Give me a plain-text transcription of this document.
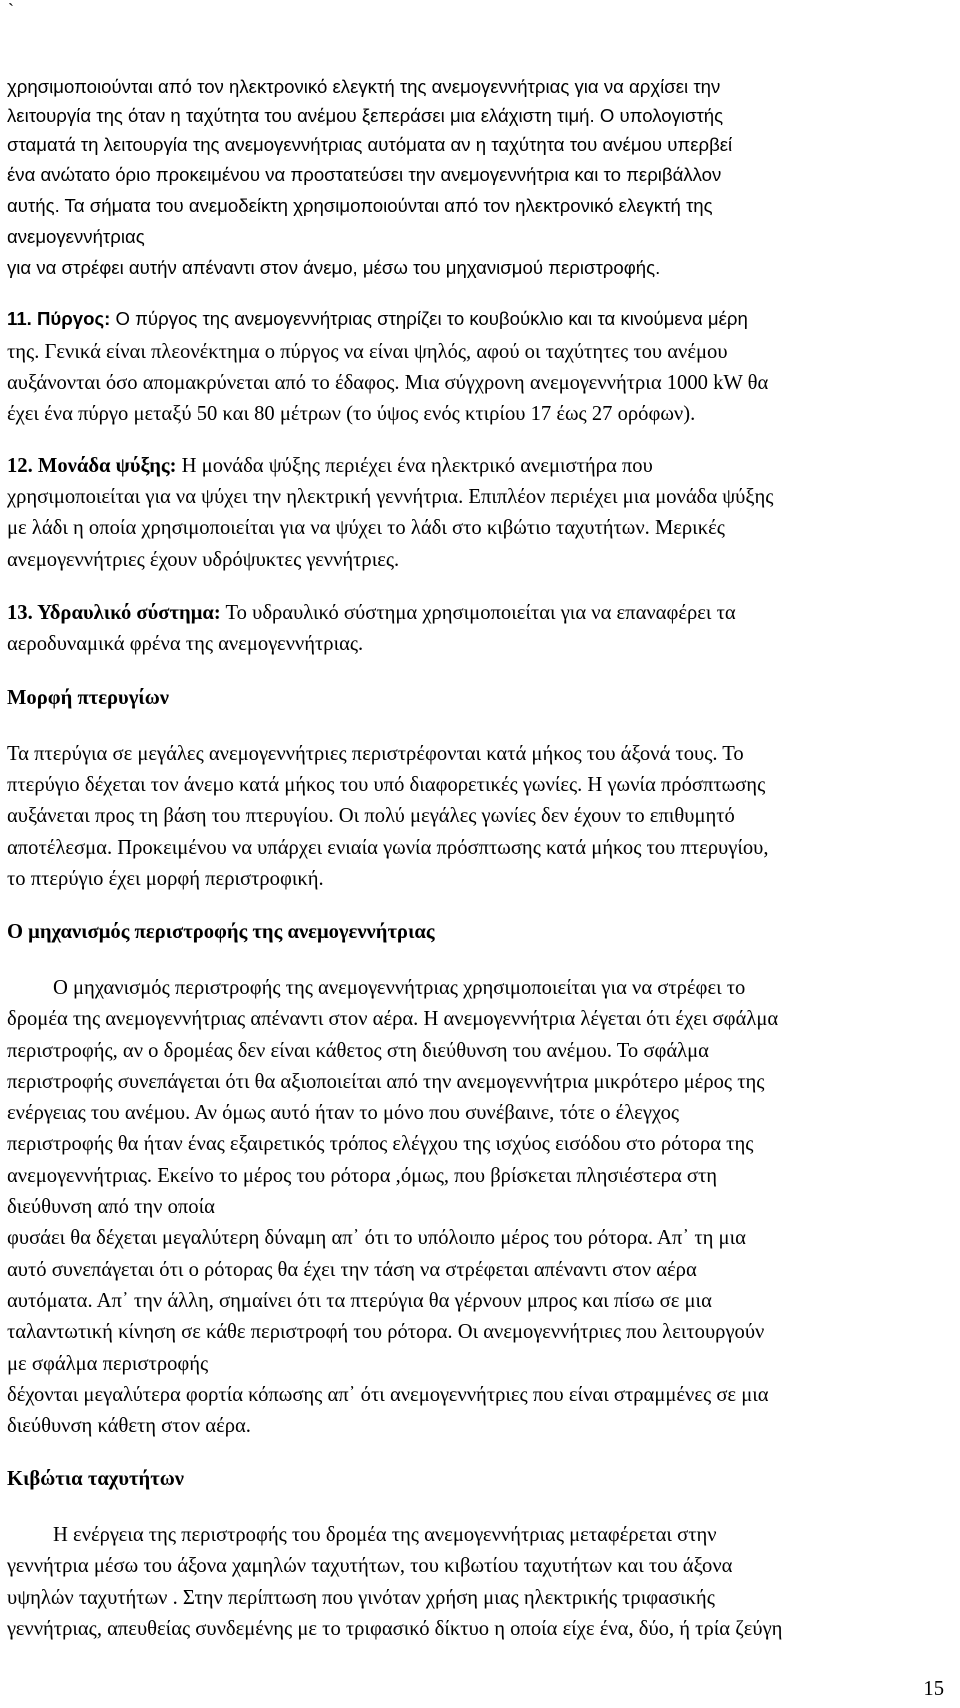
`
χρησιμοποιούνται από τον ηλεκτρονικό ελεγκτή της ανεμογεννήτριας για να αρχίσει την
λειτουργία της όταν η ταχύτητα του ανέμου ξεπεράσει μια ελάχιστη τιμή. Ο υπολογιστής
σταματά τη λειτουργία της ανεμογεννήτριας αυτόματα αν η ταχύτητα του ανέμου υπερβεί
ένα ανώτατο όριο προκειμένου να προστατεύσει την ανεμογεννήτρια και το περιβάλλον
αυτής. Τα σήματα του ανεμοδείκτη χρησιμοποιούνται από τον ηλεκτρονικό ελεγκτή της
ανεμογεννήτριας
για να στρέφει αυτήν απέναντι στον άνεμο, μέσω του μηχανισμού περιστροφής.
11. Πύργος: Ο πύργος της ανεμογεννήτριας στηρίζει το κουβούκλιο και τα κινούμενα μέρη
της. Γενικά είναι πλεονέκτημα ο πύργος να είναι ψηλός, αφού οι ταχύτητες του ανέμου
αυξάνονται όσο απομακρύνεται από το έδαφος. Μια σύγχρονη ανεμογεννήτρια 1000 kW θα
έχει ένα πύργο μεταξύ 50 και 80 μέτρων (το ύψος ενός κτιρίου 17 έως 27 ορόφων).
12. Μονάδα ψύξης: Η μονάδα ψύξης περιέχει ένα ηλεκτρικό ανεμιστήρα που
χρησιμοποιείται για να ψύχει την ηλεκτρική γεννήτρια. Επιπλέον περιέχει μια μονάδα ψύξης
με λάδι η οποία χρησιμοποιείται για να ψύχει το λάδι στο κιβώτιο ταχυτήτων. Μερικές
ανεμογεννήτριες έχουν υδρόψυκτες γεννήτριες.
13. Υδραυλικό σύστημα: Το υδραυλικό σύστημα χρησιμοποιείται για να επαναφέρει τα
αεροδυναμικά φρένα της ανεμογεννήτριας.
Μορφή πτερυγίων
Τα πτερύγια σε μεγάλες ανεμογεννήτριες περιστρέφονται κατά μήκος του άξονά τους. Το
πτερύγιο δέχεται τον άνεμο κατά μήκος του υπό διαφορετικές γωνίες. Η γωνία πρόσπτωσης
αυξάνεται προς τη βάση του πτερυγίου. Οι πολύ μεγάλες γωνίες δεν έχουν το επιθυμητό
αποτέλεσμα. Προκειμένου να υπάρχει ενιαία γωνία πρόσπτωσης κατά μήκος του πτερυγίου,
το πτερύγιο έχει μορφή περιστροφική.
Ο μηχανισμός περιστροφής της ανεμογεννήτριας
Ο μηχανισμός περιστροφής της ανεμογεννήτριας χρησιμοποιείται για να στρέφει το
δρομέα της ανεμογεννήτριας απέναντι στον αέρα. Η ανεμογεννήτρια λέγεται ότι έχει σφάλμα
περιστροφής, αν ο δρομέας δεν είναι κάθετος στη διεύθυνση του ανέμου. Το σφάλμα
περιστροφής συνεπάγεται ότι θα αξιοποιείται από την ανεμογεννήτρια μικρότερο μέρος της
ενέργειας του ανέμου. Αν όμως αυτό ήταν το μόνο που συνέβαινε, τότε ο έλεγχος
περιστροφής θα ήταν ένας εξαιρετικός τρόπος ελέγχου της ισχύος εισόδου στο ρότορα της
ανεμογεννήτριας. Εκείνο το μέρος του ρότορα ,όμως, που βρίσκεται πλησιέστερα στη
διεύθυνση από την οποία
φυσάει θα δέχεται μεγαλύτερη δύναμη απ᾽ ότι το υπόλοιπο μέρος του ρότορα. Απ᾽ τη μια
αυτό συνεπάγεται ότι ο ρότορας θα έχει την τάση να στρέφεται απέναντι στον αέρα
αυτόματα. Απ᾽ την άλλη, σημαίνει ότι τα πτερύγια θα γέρνουν μπρος και πίσω σε μια
ταλαντωτική κίνηση σε κάθε περιστροφή του ρότορα. Οι ανεμογεννήτριες που λειτουργούν
με σφάλμα περιστροφής
δέχονται μεγαλύτερα φορτία κόπωσης απ᾽ ότι ανεμογεννήτριες που είναι στραμμένες σε μια
διεύθυνση κάθετη στον αέρα.
Κιβώτια ταχυτήτων
Η ενέργεια της περιστροφής του δρομέα της ανεμογεννήτριας μεταφέρεται στην
γεννήτρια μέσω του άξονα χαμηλών ταχυτήτων, του κιβωτίου ταχυτήτων και του άξονα
υψηλών ταχυτήτων . Στην περίπτωση που γινόταν χρήση μιας ηλεκτρικής τριφασικής
γεννήτριας, απευθείας συνδεμένης με το τριφασικό δίκτυο η οποία είχε ένα, δύο, ή τρία ζεύγη
15
